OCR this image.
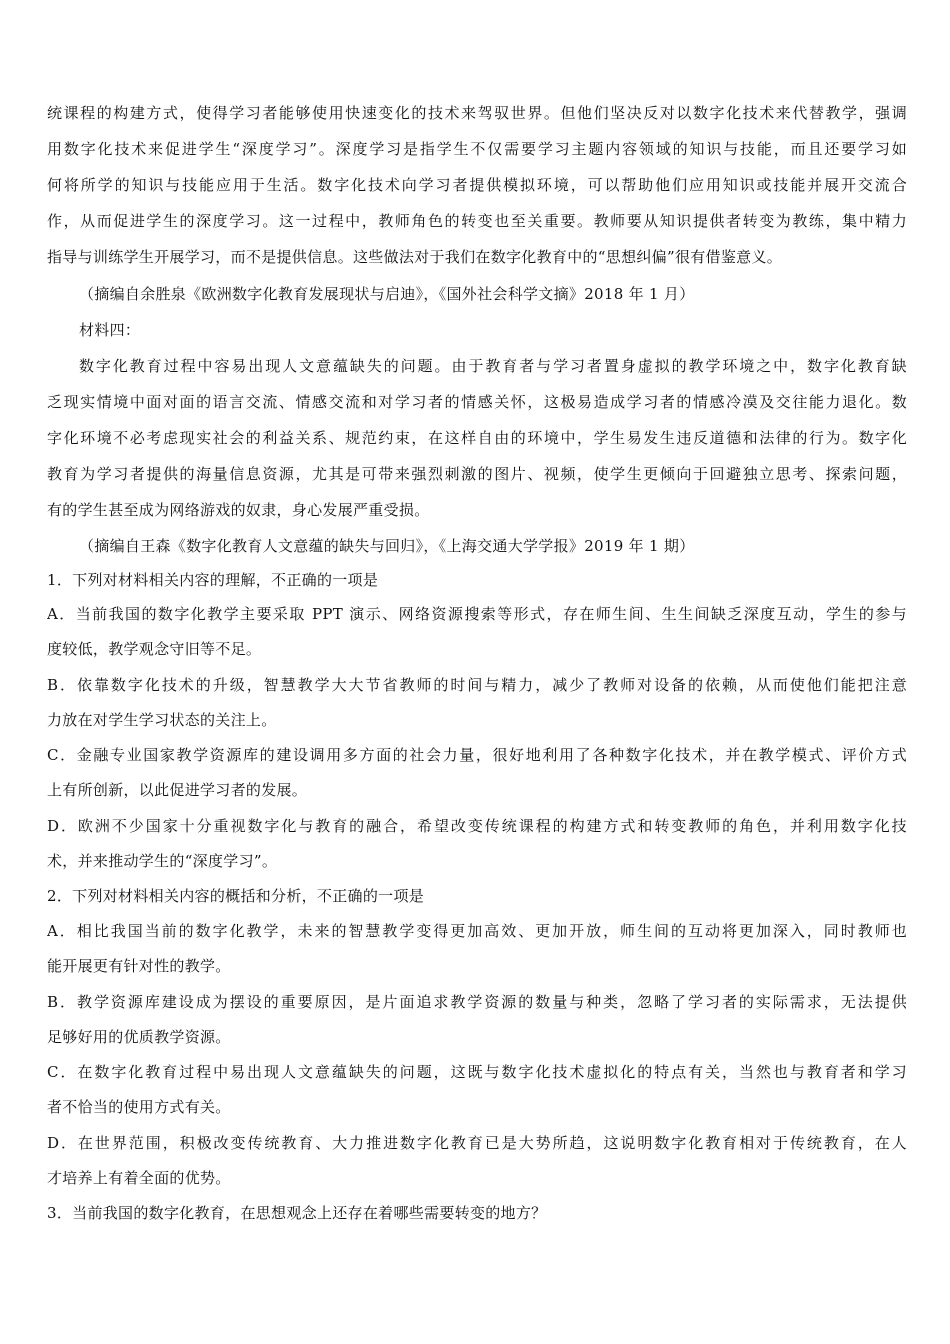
统课程的构建方式，使得学习者能够使用快速变化的技术来驾驭世界。但他们坚决反对以数字化技术来代替教学，强调
用数字化技术来促进学生“深度学习”。深度学习是指学生不仅需要学习主题内容领域的知识与技能，而且还要学习如
何将所学的知识与技能应用于生活。数字化技术向学习者提供模拟环境，可以帮助他们应用知识或技能并展开交流合
作，从而促进学生的深度学习。这一过程中，教师角色的转变也至关重要。教师要从知识提供者转变为教练，集中精力
指导与训练学生开展学习，而不是提供信息。这些做法对于我们在数字化教育中的“思想纠偏”很有借鉴意义。
（摘编自余胜泉《欧洲数字化教育发展现状与启迪》，《国外社会科学文摘》2018 年 1 月）
材料四：
数字化教育过程中容易出现人文意蕴缺失的问题。由于教育者与学习者置身虚拟的教学环境之中，数字化教育缺
乏现实情境中面对面的语言交流、情感交流和对学习者的情感关怀，这极易造成学习者的情感冷漠及交往能力退化。数
字化环境不必考虑现实社会的利益关系、规范约束，在这样自由的环境中，学生易发生违反道德和法律的行为。数字化
教育为学习者提供的海量信息资源，尤其是可带来强烈刺激的图片、视频，使学生更倾向于回避独立思考、探索问题，
有的学生甚至成为网络游戏的奴隶，身心发展严重受损。
（摘编自王森《数字化教育人文意蕴的缺失与回归》，《上海交通大学学报》2019 年 1 期）
1．下列对材料相关内容的理解，不正确的一项是
A．当前我国的数字化教学主要采取 PPT 演示、网络资源搜索等形式，存在师生间、生生间缺乏深度互动，学生的参与
度较低，教学观念守旧等不足。
B．依靠数字化技术的升级，智慧教学大大节省教师的时间与精力，减少了教师对设备的依赖，从而使他们能把注意
力放在对学生学习状态的关注上。
C．金融专业国家教学资源库的建设调用多方面的社会力量，很好地利用了各种数字化技术，并在教学模式、评价方式
上有所创新，以此促进学习者的发展。
D．欧洲不少国家十分重视数字化与教育的融合，希望改变传统课程的构建方式和转变教师的角色，并利用数字化技
术，并来推动学生的“深度学习”。
2．下列对材料相关内容的概括和分析，不正确的一项是
A．相比我国当前的数字化教学，未来的智慧教学变得更加高效、更加开放，师生间的互动将更加深入，同时教师也
能开展更有针对性的教学。
B．教学资源库建设成为摆设的重要原因，是片面追求教学资源的数量与种类，忽略了学习者的实际需求，无法提供
足够好用的优质教学资源。
C．在数字化教育过程中易出现人文意蕴缺失的问题，这既与数字化技术虚拟化的特点有关，当然也与教育者和学习
者不恰当的使用方式有关。
D．在世界范围，积极改变传统教育、大力推进数字化教育已是大势所趋，这说明数字化教育相对于传统教育，在人
才培养上有着全面的优势。
3．当前我国的数字化教育，在思想观念上还存在着哪些需要转变的地方？
